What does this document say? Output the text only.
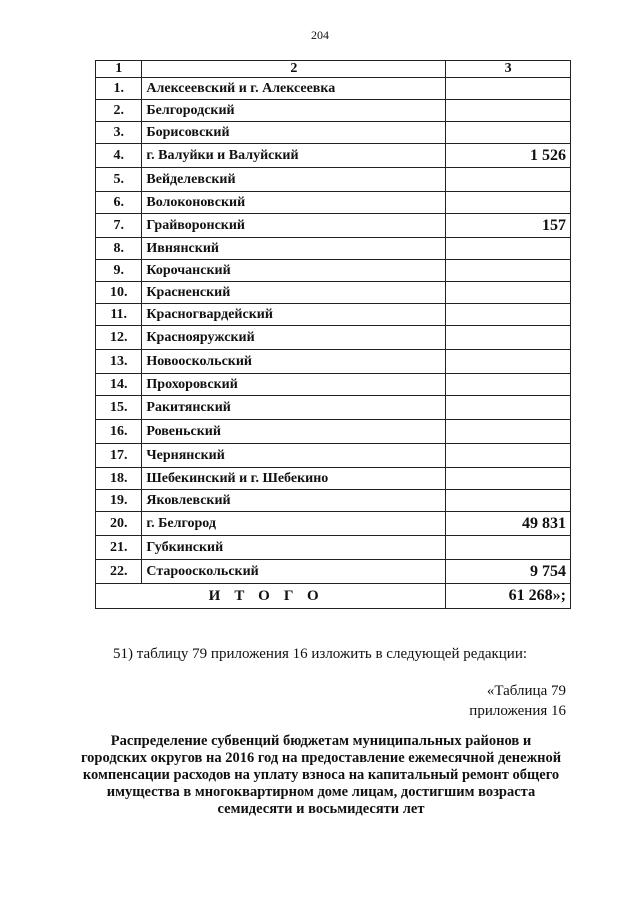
204
1	2	3
1.	Алексеевский и г. Алексеевка	
2.	Белгородский	
3.	Борисовский	
4.	г. Валуйки и Валуйский	1 526
5.	Вейделевский	
6.	Волоконовский	
7.	Грайворонский	157
8.	Ивнянский	
9.	Корочанский	
10.	Красненский	
11.	Красногвардейский	
12.	Краснояружский	
13.	Новооскольский	
14.	Прохоровский	
15.	Ракитянский	
16.	Ровеньский	
17.	Чернянский	
18.	Шебекинский и г. Шебекино	
19.	Яковлевский	
20.	г. Белгород	49 831
21.	Губкинский	
22.	Старооскольский	9 754
ИТОГО		61 268»;
51) таблицу 79 приложения 16 изложить в следующей редакции:
«Таблица 79
приложения 16
Распределение субвенций бюджетам муниципальных районов и городских округов на 2016 год на предоставление ежемесячной денежной компенсации расходов на уплату взноса на капитальный ремонт общего имущества в многоквартирном доме лицам, достигшим возраста семидесяти и восьмидесяти лет
